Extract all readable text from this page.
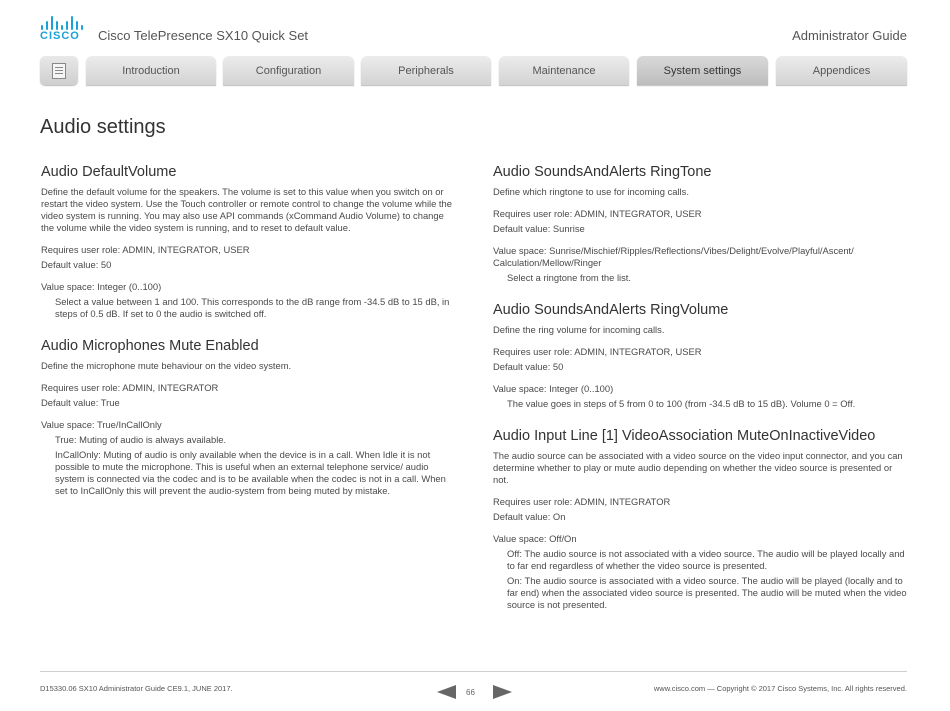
CISCO Cisco TelePresence SX10 Quick Set	Administrator Guide
Introduction	Configuration	Peripherals	Maintenance	System settings	Appendices
Audio settings
Audio DefaultVolume

Define the default volume for the speakers. The volume is set to this value when you switch on or restart the video system. Use the Touch controller or remote control to change the volume while the video system is running. You may also use API commands (xCommand Audio Volume) to change the volume while the video system is running, and to reset to default value.

Requires user role: ADMIN, INTEGRATOR, USER

Default value: 50

Value space: Integer (0..100)

Select a value between 1 and 100. This corresponds to the dB range from -34.5 dB to 15 dB, in steps of 0.5 dB. If set to 0 the audio is switched off.

Audio Microphones Mute Enabled

Define the microphone mute behaviour on the video system.

Requires user role: ADMIN, INTEGRATOR

Default value: True

Value space: True/InCallOnly

True: Muting of audio is always available.

InCallOnly: Muting of audio is only available when the device is in a call. When Idle it is not possible to mute the microphone. This is useful when an external telephone service/ audio system is connected via the codec and is to be available when the codec is not in a call. When set to InCallOnly this will prevent the audio-system from being muted by mistake.

Audio SoundsAndAlerts RingTone

Define which ringtone to use for incoming calls.

Requires user role: ADMIN, INTEGRATOR, USER

Default value: Sunrise

Value space: Sunrise/Mischief/Ripples/Reflections/Vibes/Delight/Evolve/Playful/Ascent/ Calculation/Mellow/Ringer

Select a ringtone from the list.

Audio SoundsAndAlerts RingVolume

Define the ring volume for incoming calls.

Requires user role: ADMIN, INTEGRATOR, USER

Default value: 50

Value space: Integer (0..100)

The value goes in steps of 5 from 0 to 100 (from -34.5 dB to 15 dB). Volume 0 = Off.

Audio Input Line [1] VideoAssociation MuteOnInactiveVideo

The audio source can be associated with a video source on the video input connector, and you can determine whether to play or mute audio depending on whether the video source is presented or not.

Requires user role: ADMIN, INTEGRATOR

Default value: On

Value space: Off/On

Off: The audio source is not associated with a video source. The audio will be played locally and to far end regardless of whether the video source is presented.

On: The audio source is associated with a video source. The audio will be played (locally and to far end) when the associated video source is presented. The audio will be muted when the video source is not presented.

D15330.06 SX10 Administrator Guide CE9.1, JUNE 2017.	66	www.cisco.com — Copyright © 2017 Cisco Systems, Inc. All rights reserved.
